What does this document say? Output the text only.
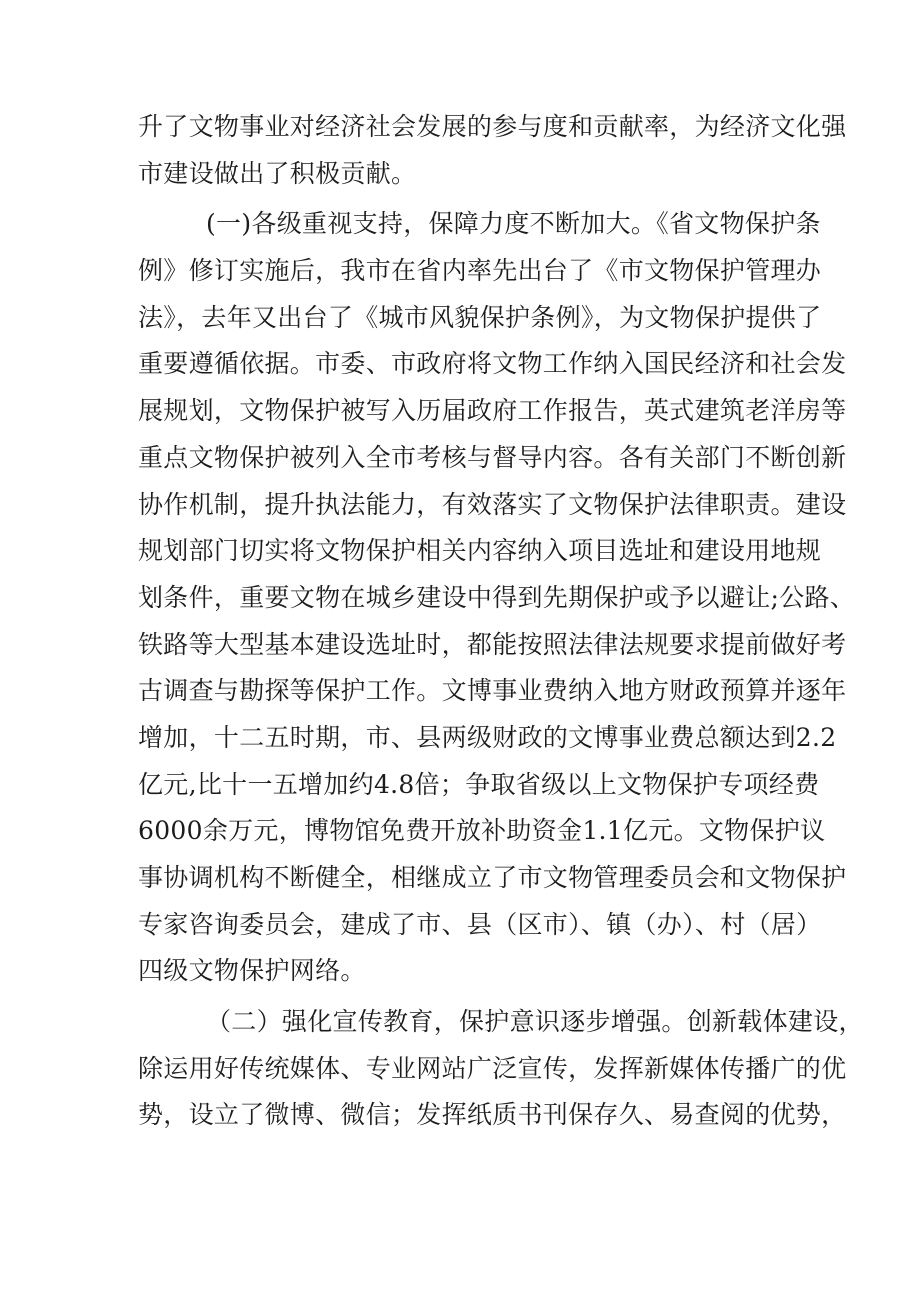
升了文物事业对经济社会发展的参与度和贡献率，为经济文化强
市建设做出了积极贡献。
(一)各级重视支持，保障力度不断加大。《省文物保护条
例》修订实施后，我市在省内率先出台了《市文物保护管理办
法》，去年又出台了《城市风貌保护条例》，为文物保护提供了
重要遵循依据。市委、市政府将文物工作纳入国民经济和社会发
展规划，文物保护被写入历届政府工作报告，英式建筑老洋房等
重点文物保护被列入全市考核与督导内容。各有关部门不断创新
协作机制，提升执法能力，有效落实了文物保护法律职责。建设
规划部门切实将文物保护相关内容纳入项目选址和建设用地规
划条件，重要文物在城乡建设中得到先期保护或予以避让;公路、
铁路等大型基本建设选址时，都能按照法律法规要求提前做好考
古调查与勘探等保护工作。文博事业费纳入地方财政预算并逐年
增加，十二五时期，市、县两级财政的文博事业费总额达到2.2
亿元,比十一五增加约4.8倍；争取省级以上文物保护专项经费
6000余万元，博物馆免费开放补助资金1.1亿元。文物保护议
事协调机构不断健全，相继成立了市文物管理委员会和文物保护
专家咨询委员会，建成了市、县（区市）、镇（办）、村（居）
四级文物保护网络。
（二）强化宣传教育，保护意识逐步增强。创新载体建设，
除运用好传统媒体、专业网站广泛宣传，发挥新媒体传播广的优
势，设立了微博、微信；发挥纸质书刊保存久、易查阅的优势，
